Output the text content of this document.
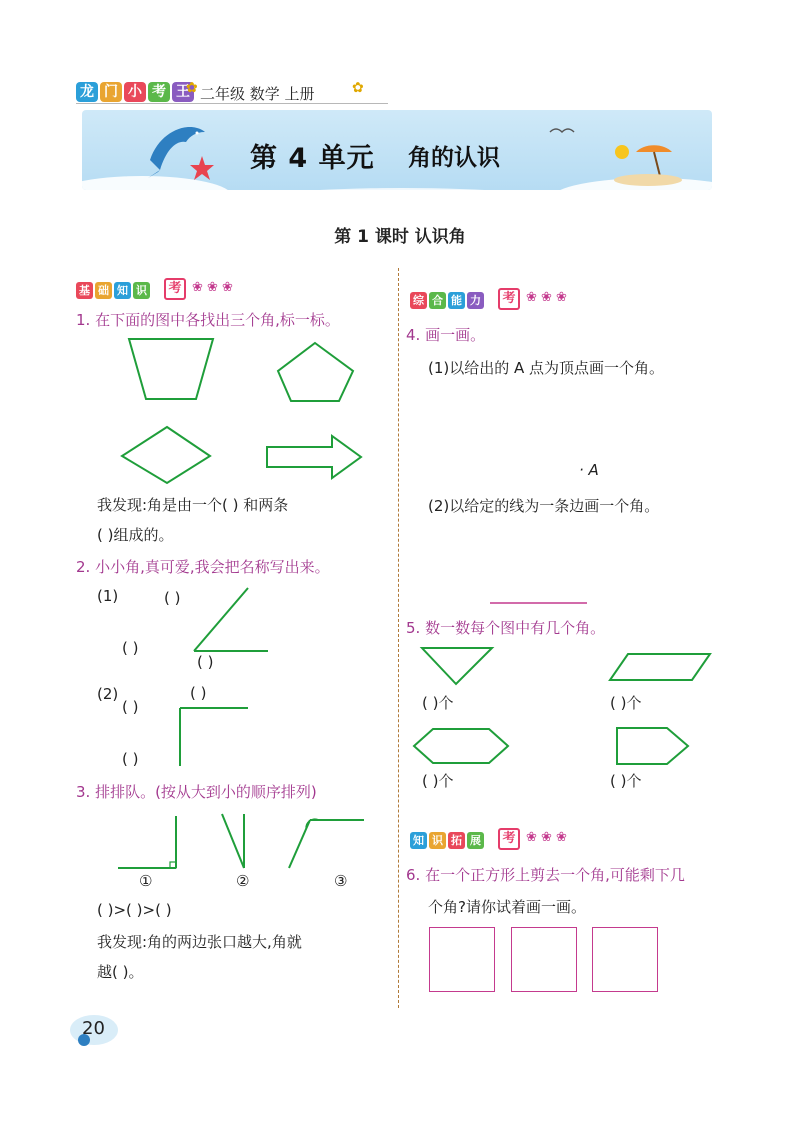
龙 门 小 考 王
✿ 二年级 数学 上册	✿
第 4 单元 角的认识
第 1 课时 认识角
基 础 知 识	考 ❀ ❀ ❀
1. 在下面的图中各找出三个角,标一标。
我发现:角是由一个( ) 和两条
( )组成的。
2. 小小角,真可爱,我会把名称写出来。
(1)	( )
( )
( )
(2)	( )
( )
( )
3. 排排队。(按从大到小的顺序排列)
①	②	③
( )>( )>( )
我发现:角的两边张口越大,角就
越( )。
综 合 能 力	考 ❀ ❀ ❀
4. 画一画。
(1)以给出的 A 点为顶点画一个角。
· A
(2)以给定的线为一条边画一个角。
5. 数一数每个图中有几个角。
( )个	( )个
( )个	( )个
知 识 拓 展	考 ❀ ❀ ❀
6. 在一个正方形上剪去一个角,可能剩下几
个角?请你试着画一画。
20
